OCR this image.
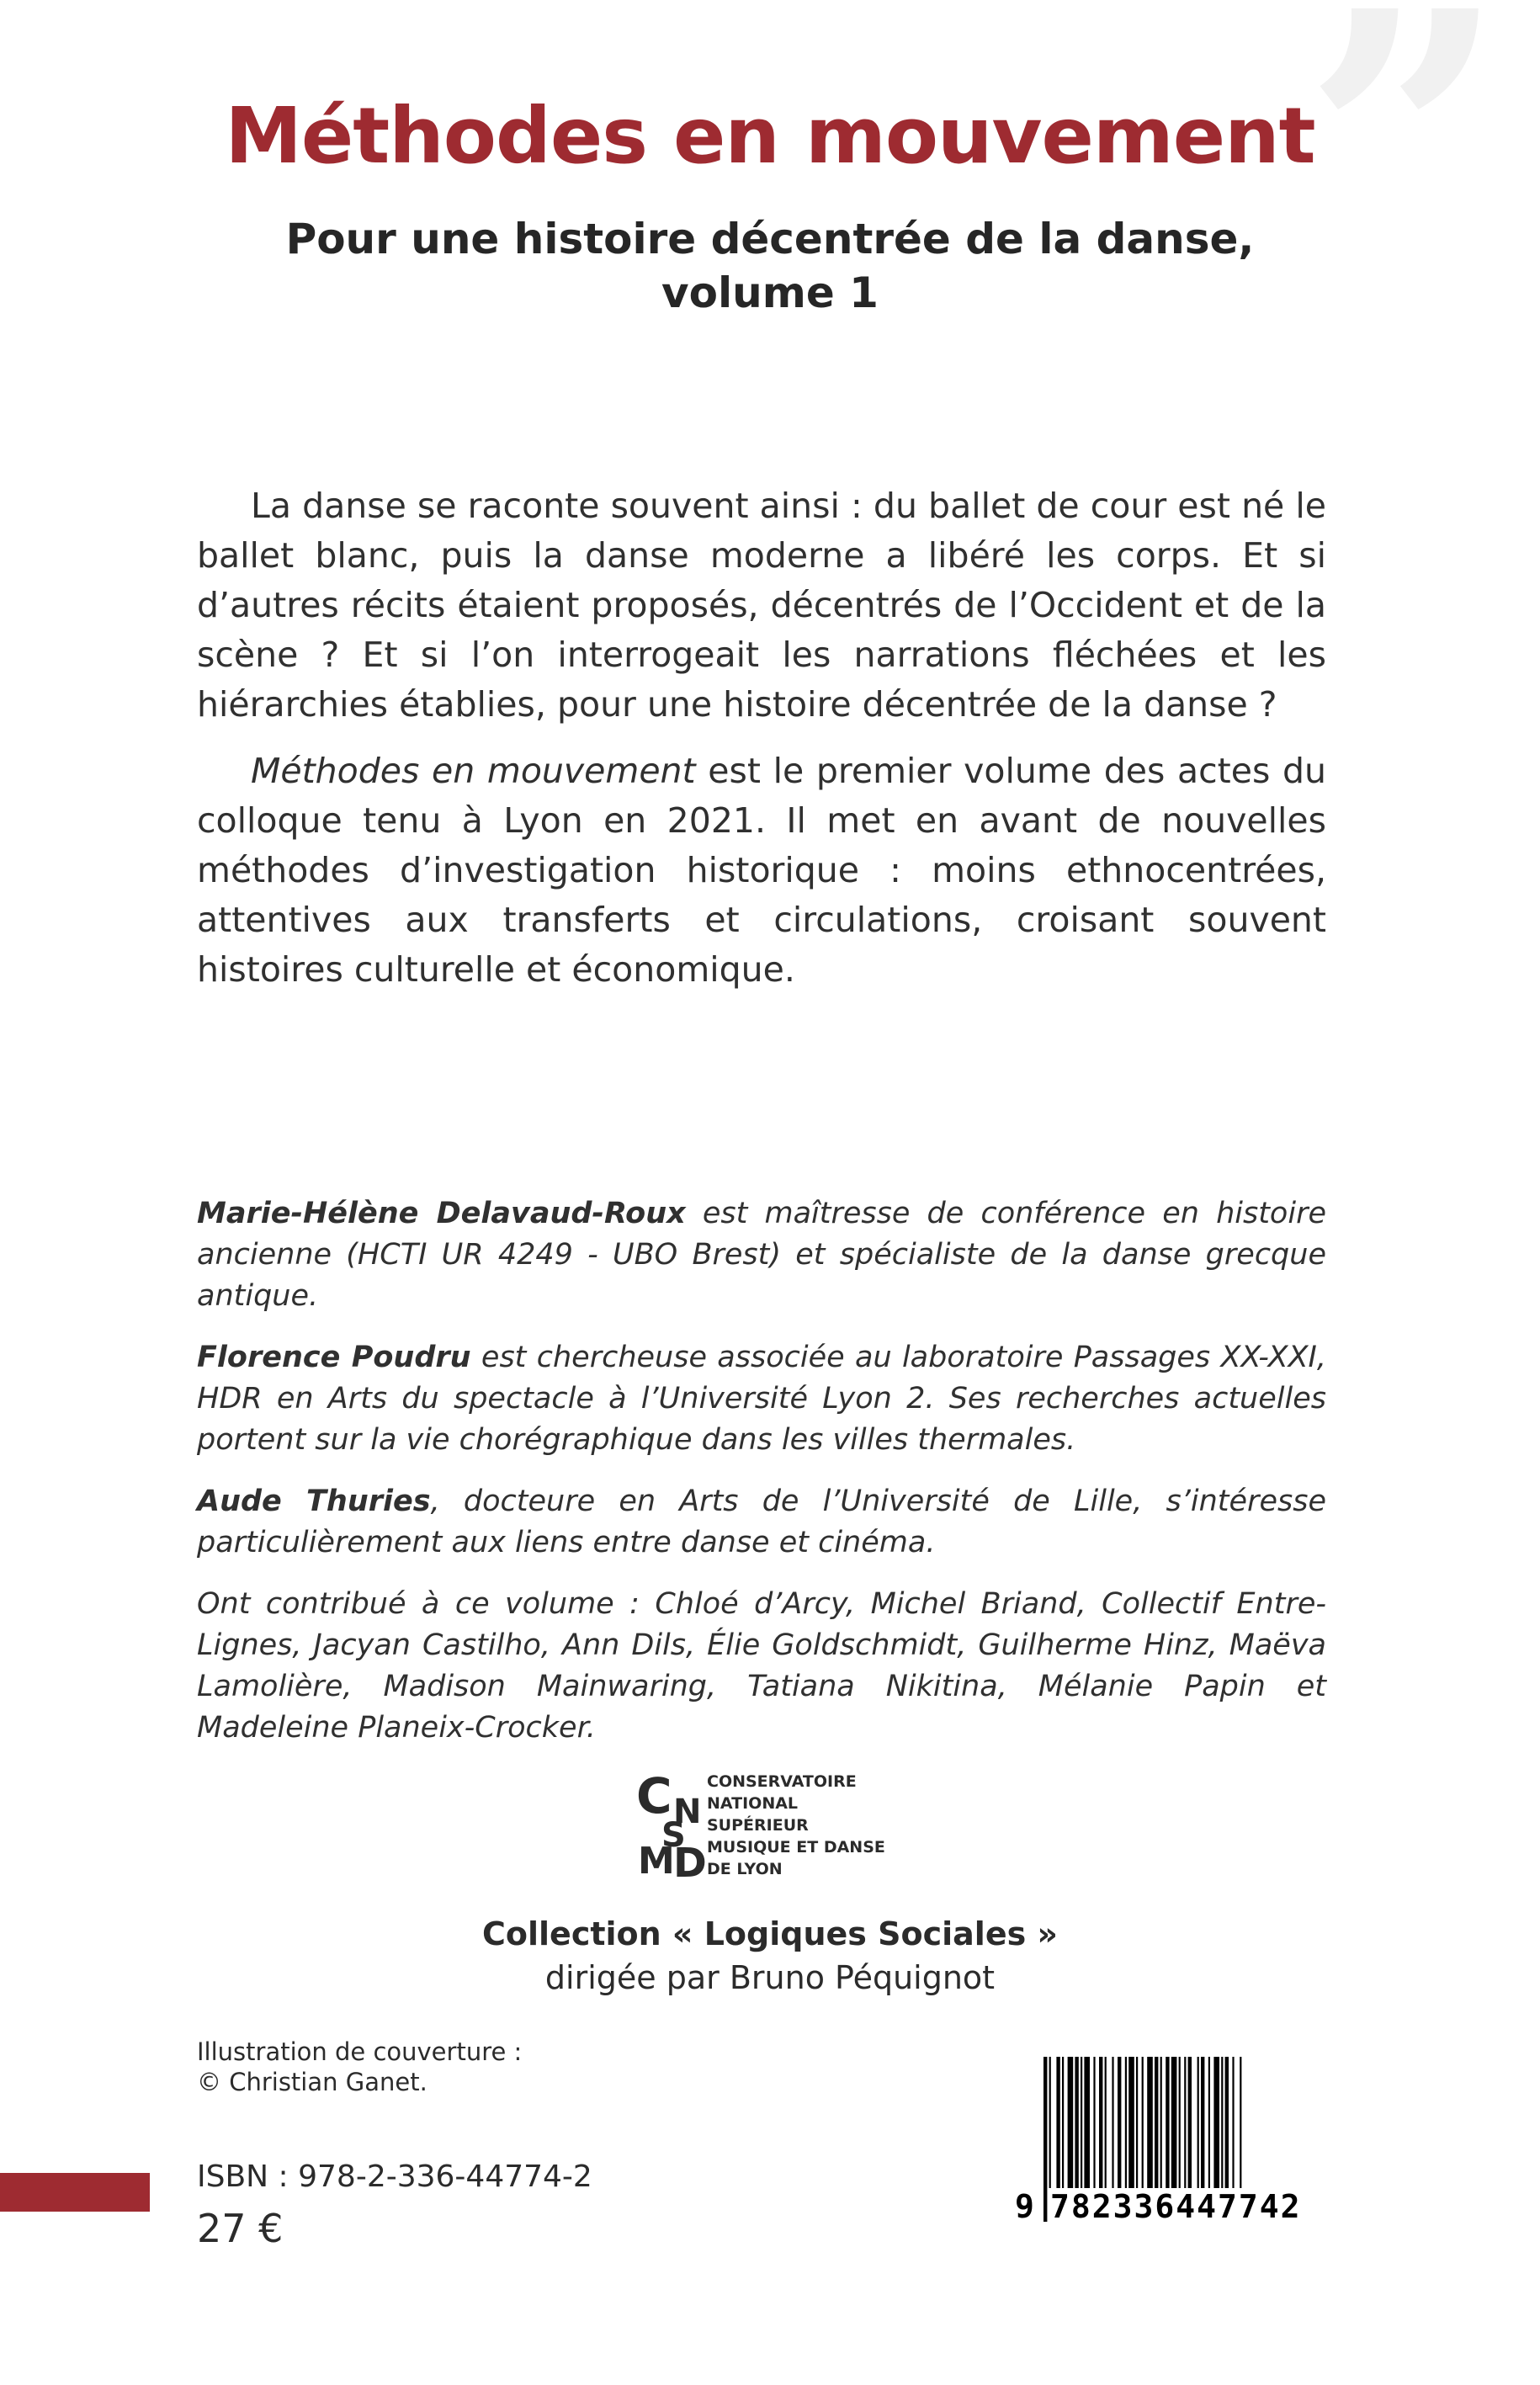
”
Méthodes en mouvement
Pour une histoire décentrée de la danse,
volume 1

La danse se raconte souvent ainsi : du ballet de cour est né le ballet blanc, puis la danse moderne a libéré les corps. Et si d’autres récits étaient proposés, décentrés de l’Occident et de la scène ? Et si l’on interrogeait les narrations fléchées et les hiérarchies établies, pour une histoire décentrée de la danse ?

Méthodes en mouvement est le premier volume des actes du colloque tenu à Lyon en 2021. Il met en avant de nouvelles méthodes d’investigation historique : moins ethnocentrées, attentives aux transferts et circulations, croisant souvent histoires culturelle et économique.

Marie-Hélène Delavaud-Roux est maîtresse de conférence en histoire ancienne (HCTI UR 4249 - UBO Brest) et spécialiste de la danse grecque antique.

Florence Poudru est chercheuse associée au laboratoire Passages XX-XXI, HDR en Arts du spectacle à l’Université Lyon 2. Ses recherches actuelles portent sur la vie chorégraphique dans les villes thermales.

Aude Thuries, docteure en Arts de l’Université de Lille, s’intéresse particulièrement aux liens entre danse et cinéma.

Ont contribué à ce volume : Chloé d’Arcy, Michel Briand, Collectif Entre-Lignes, Jacyan Castilho, Ann Dils, Élie Goldschmidt, Guilherme Hinz, Maëva Lamolière, Madison Mainwaring, Tatiana Nikitina, Mélanie Papin et Madeleine Planeix-Crocker.

C N
S
M
D
CONSERVATOIRE
NATIONAL
SUPÉRIEUR
MUSIQUE ET DANSE
DE LYON
Collection « Logiques Sociales »
dirigée par Bruno Péquignot

Illustration de couverture :
© Christian Ganet.

ISBN : 978-2-336-44774-2
27 €	9 782336447742
